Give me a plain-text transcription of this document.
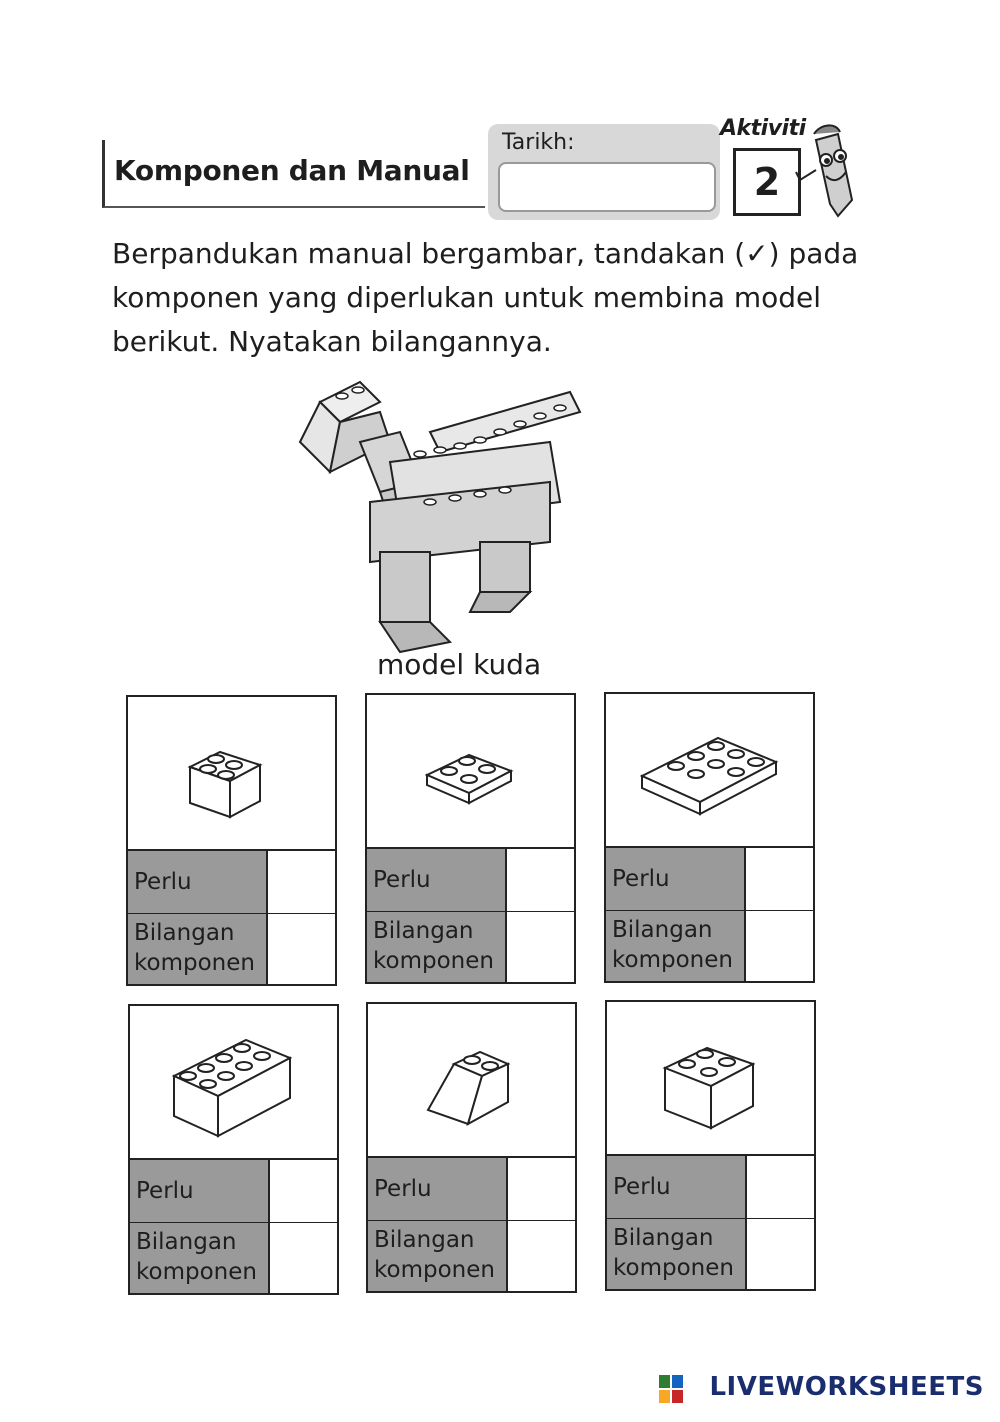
Komponen dan Manual
Tarikh:
Aktiviti
2
Berpandukan manual bergambar, tandakan (✓) pada komponen yang diperlukan untuk membina model berikut. Nyatakan bilangannya.
model kuda
Perlu
Bilangan komponen
Perlu
Bilangan komponen
Perlu
Bilangan komponen
Perlu
Bilangan komponen
Perlu
Bilangan komponen
Perlu
Bilangan komponen
LIVEWORKSHEETS
